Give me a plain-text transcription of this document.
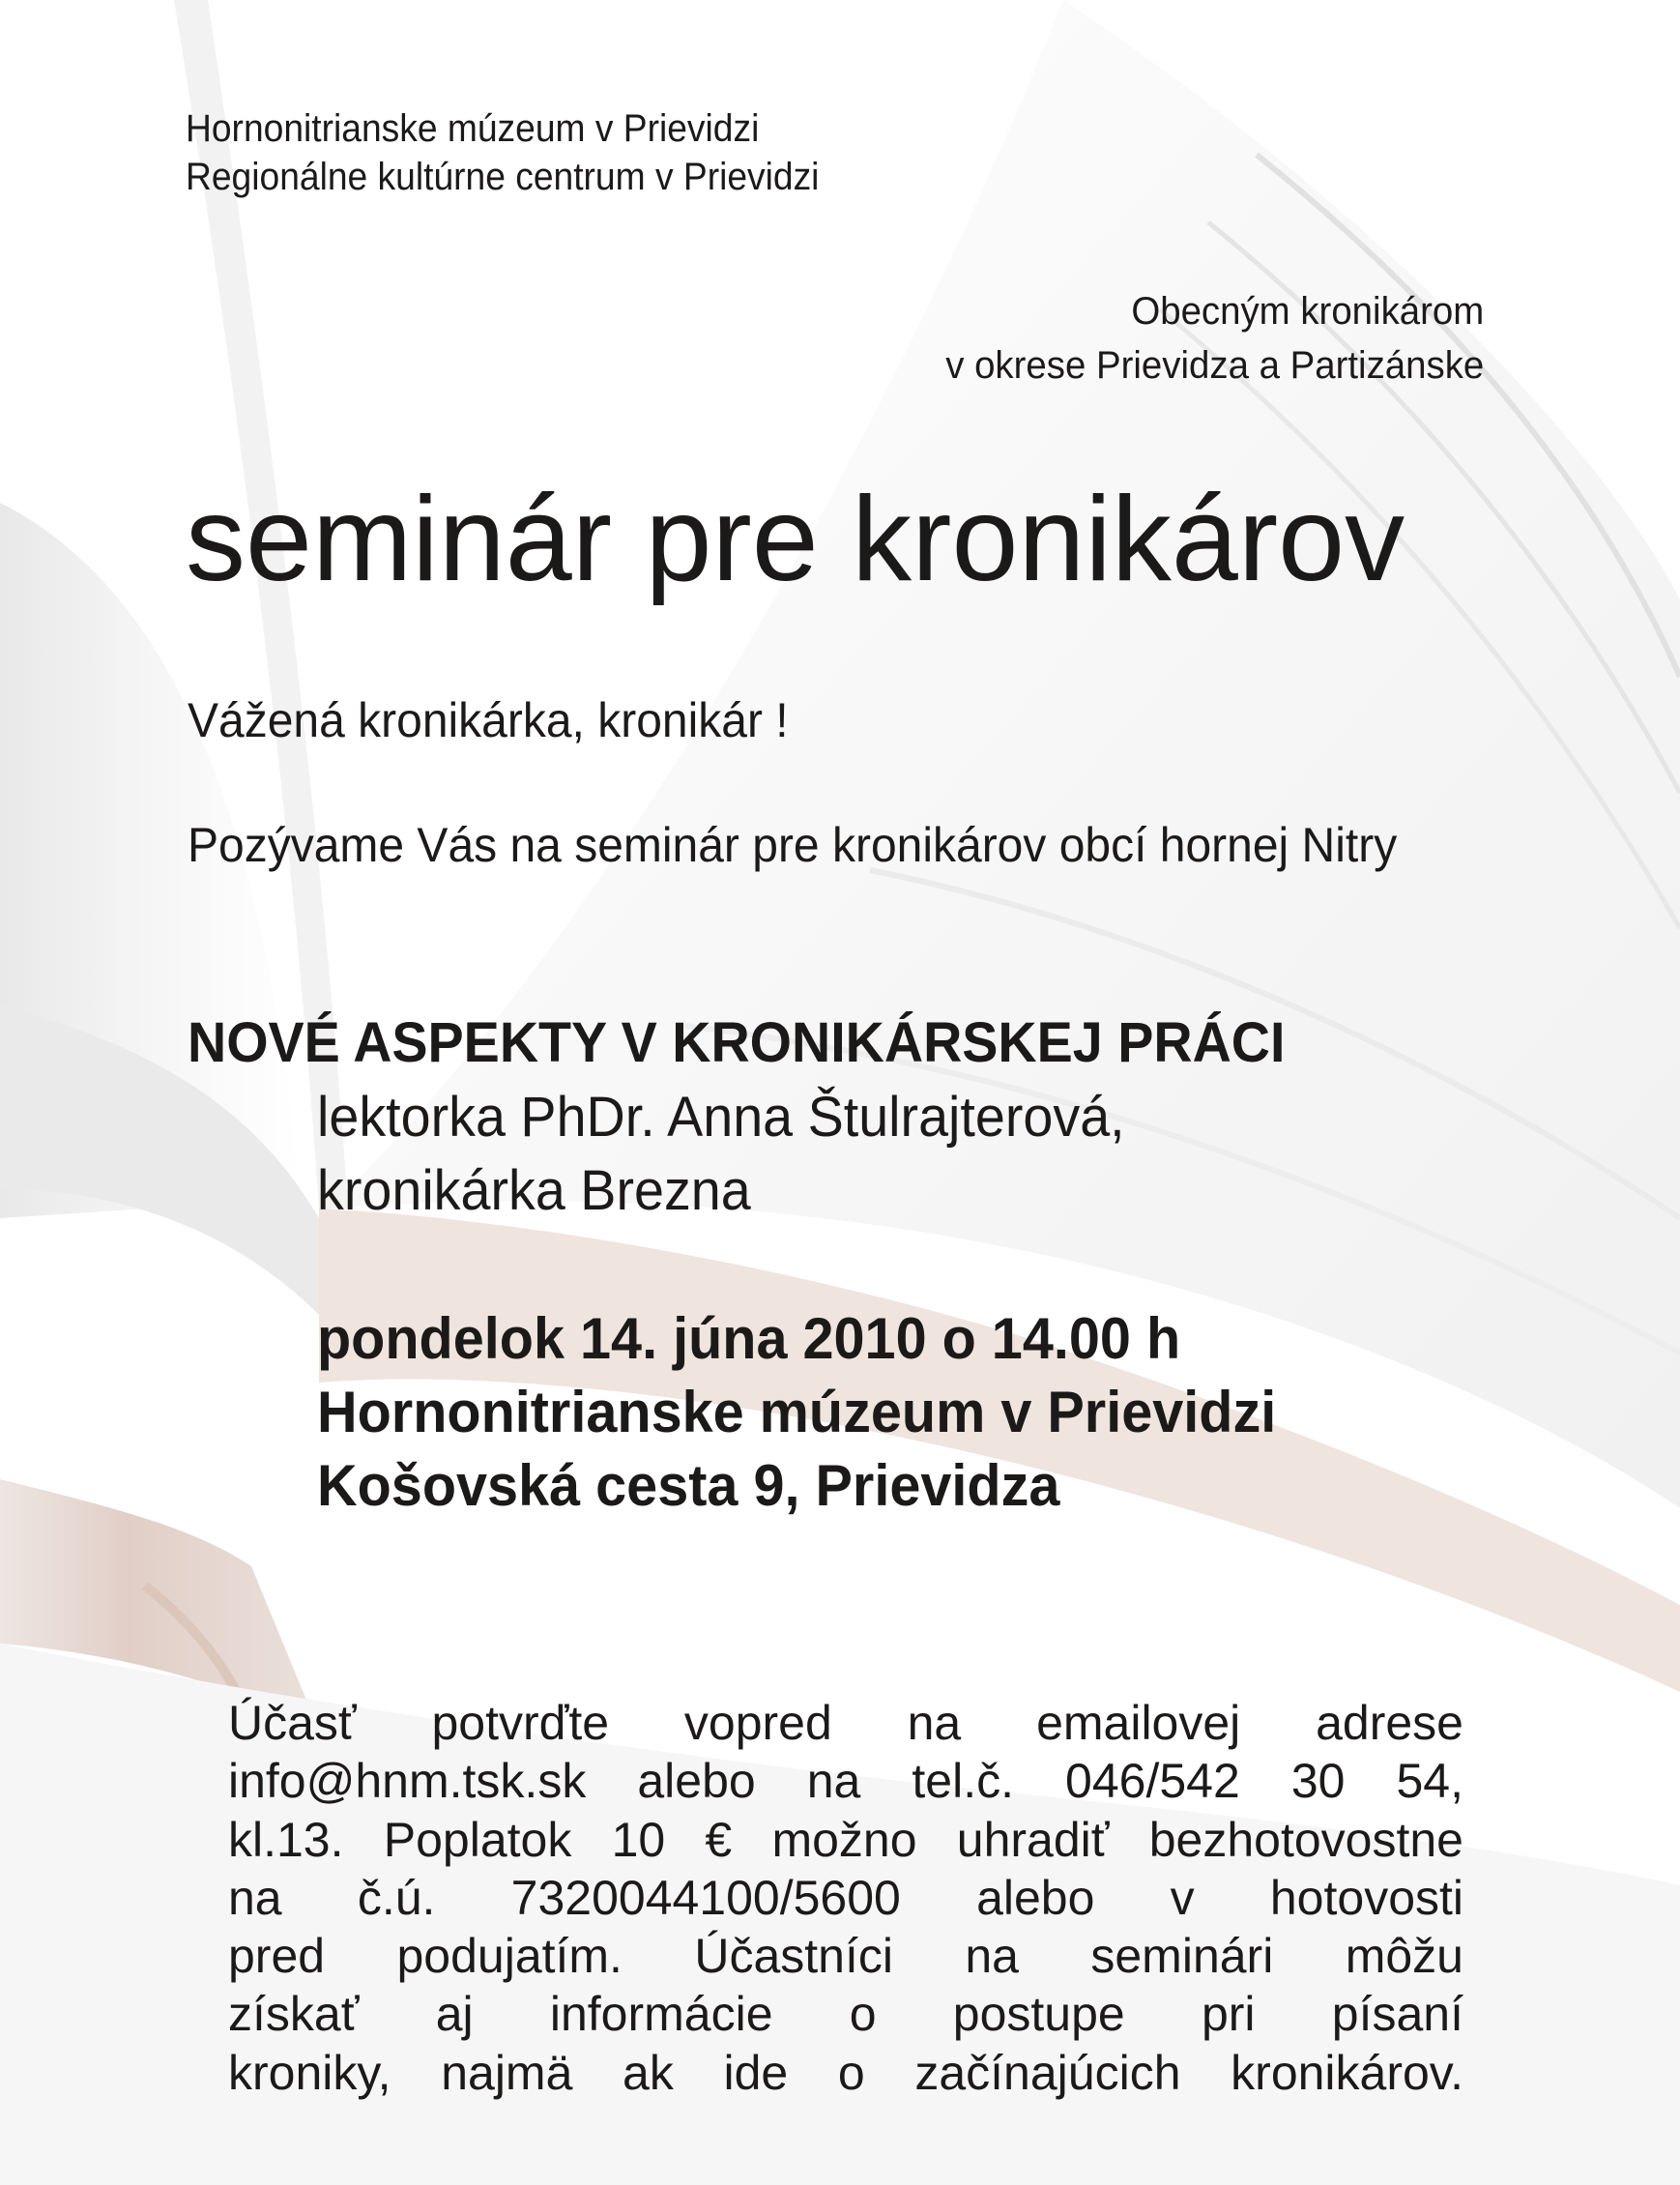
Hornonitrianske múzeum v Prievidzi
Regionálne kultúrne centrum v Prievidzi
Obecným kronikárom
v okrese Prievidza a Partizánske
seminár pre kronikárov

Vážená kronikárka, kronikár !

Pozývame Vás na seminár pre kronikárov obcí hornej Nitry

NOVÉ ASPEKTY V KRONIKÁRSKEJ PRÁCI

lektorka PhDr. Anna Štulrajterová,
kronikárka Brezna
pondelok 14. júna 2010 o 14.00 h
Hornonitrianske múzeum v Prievidzi
Košovská cesta 9, Prievidza
Účasť potvrďte vopred na emailovej adrese
info@hnm.tsk.sk alebo na tel.č. 046/542 30 54,
kl.13. Poplatok 10 € možno uhradiť bezhotovostne
na č.ú. 7320044100/5600 alebo v hotovosti
pred podujatím. Účastníci na seminári môžu
získať aj informácie o postupe pri písaní
kroniky, najmä ak ide o začínajúcich kronikárov.
